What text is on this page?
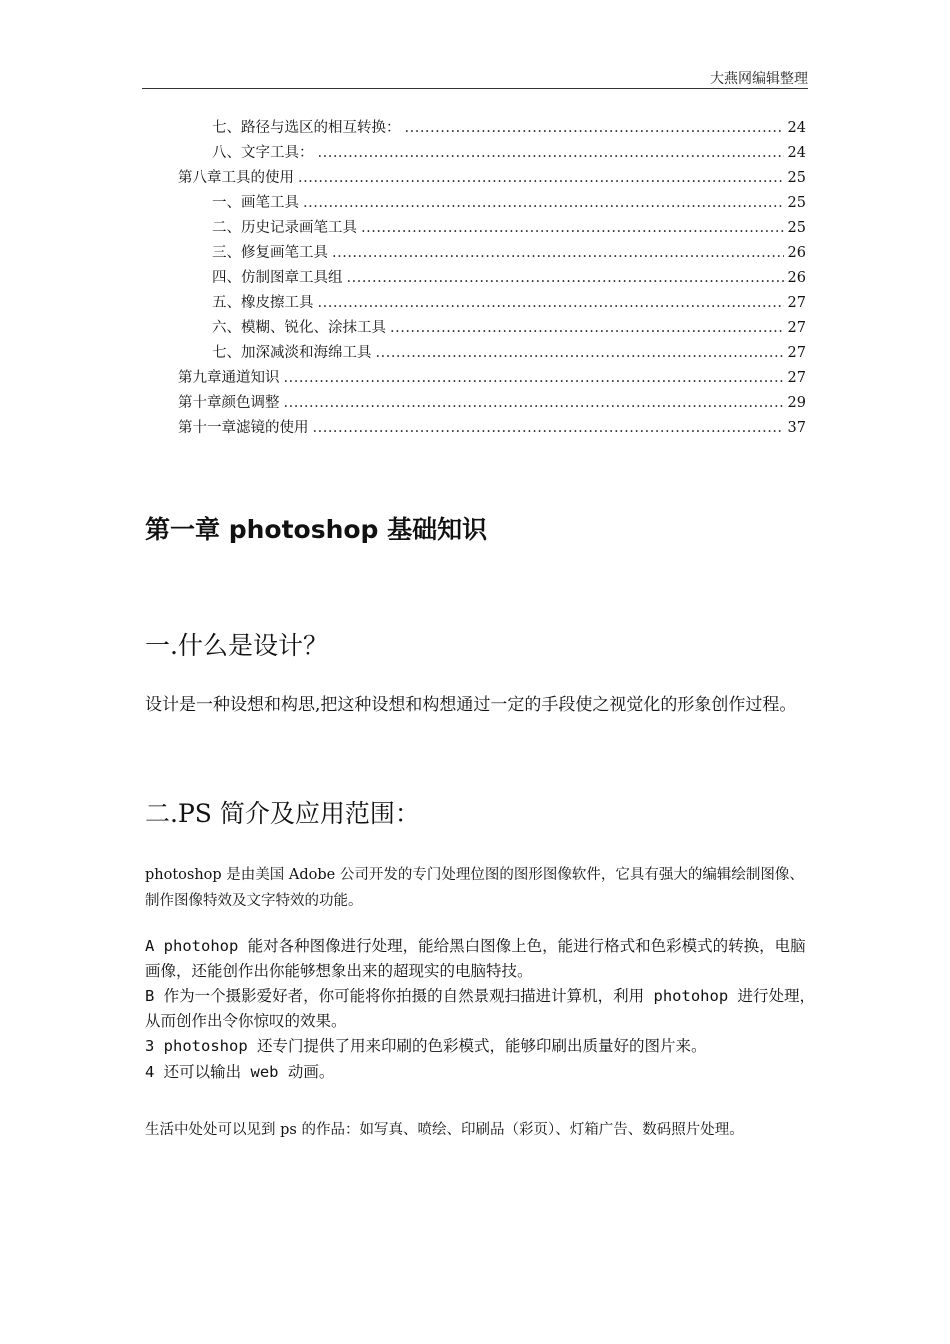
大燕网编辑整理
七、路径与选区的相互转换： .....	24
八、文字工具： .....	24
第八章工具的使用 .....	25
一、画笔工具 .....	25
二、历史记录画笔工具 .....	25
三、修复画笔工具 .....	26
四、仿制图章工具组 .....	26
五、橡皮擦工具 .....	27
六、模糊、锐化、涂抹工具 .....	27
七、加深减淡和海绵工具 .....	27
第九章通道知识 .....	27
第十章颜色调整 .....	29
第十一章滤镜的使用 .....	37
第一章 photoshop 基础知识
一.什么是设计？

设计是一种设想和构思,把这种设想和构想通过一定的手段使之视觉化的形象创作过程。

二.PS 简介及应用范围：

photoshop 是由美国 Adobe 公司开发的专门处理位图的图形图像软件，它具有强大的编辑绘制图像、制作图像特效及文字特效的功能。

A photohop 能对各种图像进行处理，能给黑白图像上色，能进行格式和色彩模式的转换，电脑画像，还能创作出你能够想象出来的超现实的电脑特技。
B 作为一个摄影爱好者，你可能将你拍摄的自然景观扫描进计算机，利用 photohop 进行处理，从而创作出令你惊叹的效果。
3 photoshop 还专门提供了用来印刷的色彩模式，能够印刷出质量好的图片来。
4 还可以输出 web 动画。

生活中处处可以见到 ps 的作品：如写真、喷绘、印刷品（彩页）、灯箱广告、数码照片处理。
